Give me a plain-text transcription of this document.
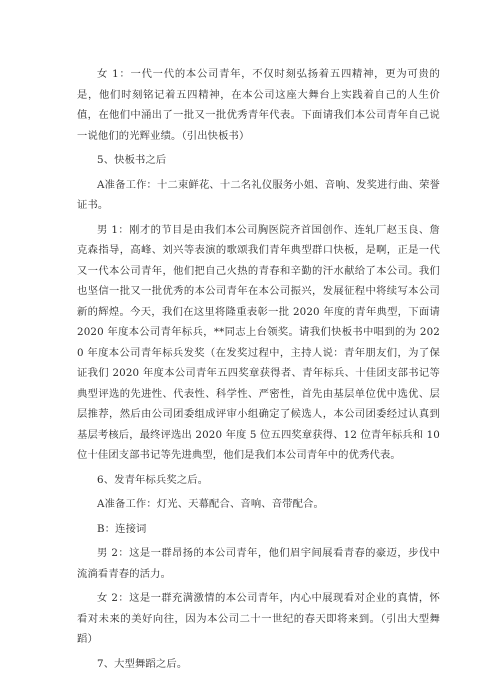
女 1：一代一代的本公司青年，不仅时刻弘扬着五四精神，更为可贵的是，他们时刻铭记着五四精神，在本公司这座大舞台上实践着自己的人生价值，在他们中涌出了一批又一批优秀青年代表。下面请我们本公司青年自己说一说他们的光辉业绩。（引出快板书）

5、快板书之后

A准备工作：十二束鲜花、十二名礼仪服务小姐、音响、发奖进行曲、荣誉证书。

男 1：刚才的节目是由我们本公司胸医院齐首国创作、连轧厂赵玉良、詹克森指导，高峰、刘兴等表演的歌颂我们青年典型群口快板，是啊，正是一代又一代本公司青年，他们把自己火热的青春和辛勤的汗水献给了本公司。我们也坚信一批又一批优秀的本公司青年在本公司振兴，发展征程中将续写本公司新的辉煌。今天，我们在这里将隆重表彰一批 2020 年度的青年典型，下面请 2020 年度本公司青年标兵，**同志上台领奖。请我们快板书中唱到的为 2020 年度本公司青年标兵发奖（在发奖过程中，主持人说：青年朋友们，为了保证我们 2020 年度本公司青年五四奖章获得者、青年标兵、十佳团支部书记等典型评选的先进性、代表性、科学性、严密性，首先由基层单位优中选优、层层推荐，然后由公司团委组成评审小组确定了候选人，本公司团委经过认真到基层考核后，最终评选出 2020 年度 5 位五四奖章获得、12 位青年标兵和 10 位十佳团支部书记等先进典型，他们是我们本公司青年中的优秀代表。

6、发青年标兵奖之后。

A准备工作：灯光、天幕配合、音响、音带配合。

B：连接词

男 2：这是一群昂扬的本公司青年，他们眉宇间展看青春的豪迈，步伐中流淌看青春的活力。

女 2：这是一群充满激情的本公司青年，内心中展现看对企业的真情，怀看对未来的美好向往，因为本公司二十一世纪的春天即将来到。（引出大型舞蹈）

7、大型舞蹈之后。
